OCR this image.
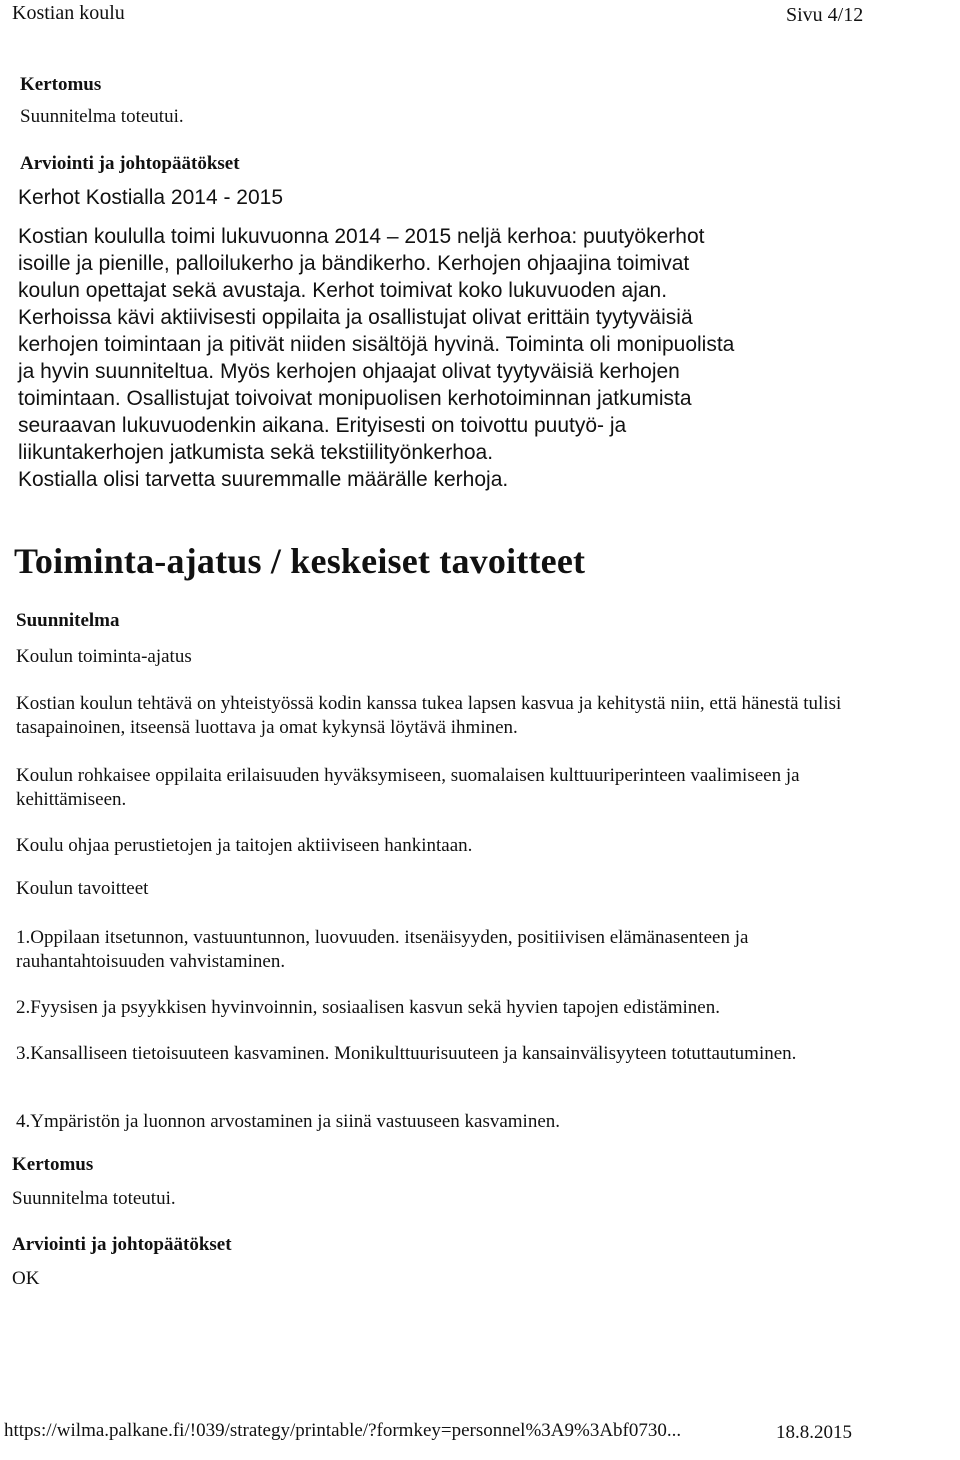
Kostian koulu	Sivu 4/12
Kertomus
Suunnitelma toteutui.
Arviointi ja johtopäätökset
Kerhot Kostialla 2014 - 2015
Kostian koululla toimi lukuvuonna 2014 – 2015 neljä kerhoa: puutyökerhot
isoille ja pienille, palloilukerho ja bändikerho. Kerhojen ohjaajina toimivat
koulun opettajat sekä avustaja. Kerhot toimivat koko lukuvuoden ajan.
Kerhoissa kävi aktiivisesti oppilaita ja osallistujat olivat erittäin tyytyväisiä
kerhojen toimintaan ja pitivät niiden sisältöjä hyvinä. Toiminta oli monipuolista
ja hyvin suunniteltua. Myös kerhojen ohjaajat olivat tyytyväisiä kerhojen
toimintaan. Osallistujat toivoivat monipuolisen kerhotoiminnan jatkumista
seuraavan lukuvuodenkin aikana. Erityisesti on toivottu puutyö- ja
liikuntakerhojen jatkumista sekä tekstiilityönkerhoa.
Kostialla olisi tarvetta suuremmalle määrälle kerhoja.
Toiminta-ajatus / keskeiset tavoitteet
Suunnitelma
Koulun toiminta-ajatus
Kostian koulun tehtävä on yhteistyössä kodin kanssa tukea lapsen kasvua ja kehitystä niin, että hänestä tulisi tasapainoinen, itseensä luottava ja omat kykynsä löytävä ihminen.
Koulun rohkaisee oppilaita erilaisuuden hyväksymiseen, suomalaisen kulttuuriperinteen vaalimiseen ja kehittämiseen.
Koulu ohjaa perustietojen ja taitojen aktiiviseen hankintaan.
Koulun tavoitteet
1.Oppilaan itsetunnon, vastuuntunnon, luovuuden. itsenäisyyden, positiivisen elämänasenteen ja rauhantahtoisuuden vahvistaminen.
2.Fyysisen ja psyykkisen hyvinvoinnin, sosiaalisen kasvun sekä hyvien tapojen edistäminen.
3.Kansalliseen tietoisuuteen kasvaminen. Monikulttuurisuuteen ja kansainvälisyyteen totuttautuminen.
4.Ympäristön ja luonnon arvostaminen ja siinä vastuuseen kasvaminen.
Kertomus
Suunnitelma toteutui.
Arviointi ja johtopäätökset
OK
https://wilma.palkane.fi/!039/strategy/printable/?formkey=personnel%3A9%3Abf0730...	18.8.2015
